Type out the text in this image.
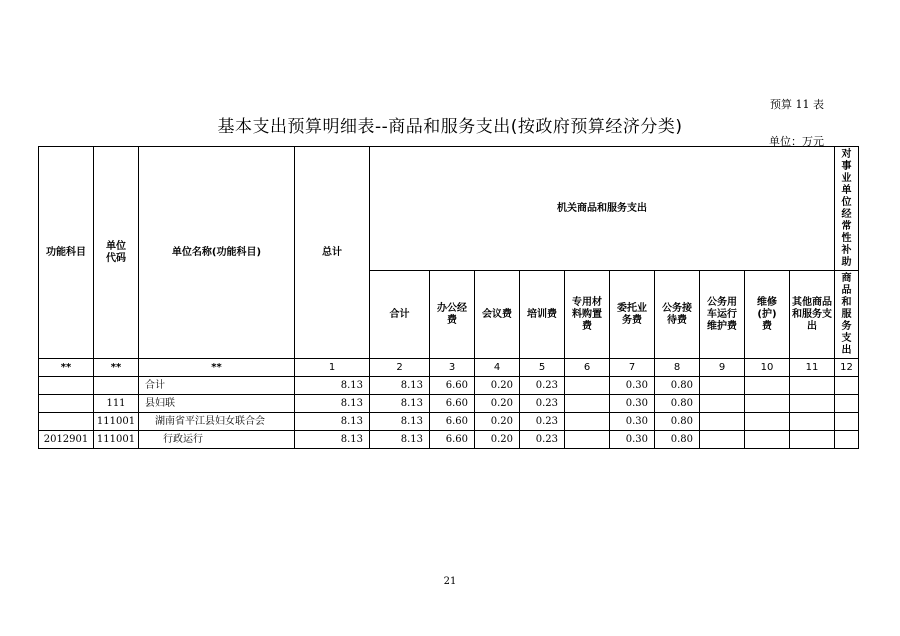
预算 11 表
基本支出预算明细表--商品和服务支出(按政府预算经济分类)
单位：万元
功能科目	单位代码	单位名称(功能科目)	总计	机关商品和服务支出										对事业单位经常性补助

				合计	办公经费	会议费	培训费	专用材料购置费	委托业务费	公务接待费	公务用车运行维护费	维修(护)费	其他商品和服务支出	商品和服务支出

**	**	**	1	2	3	4	5	6	7	8	9	10	11	12
		合计	8.13	8.13	6.60	0.20	0.23		0.30	0.80				
	111	县妇联	8.13	8.13	6.60	0.20	0.23		0.30	0.80				
	111001	湖南省平江县妇女联合会	8.13	8.13	6.60	0.20	0.23		0.30	0.80				
2012901	111001	行政运行	8.13	8.13	6.60	0.20	0.23		0.30	0.80				
21
